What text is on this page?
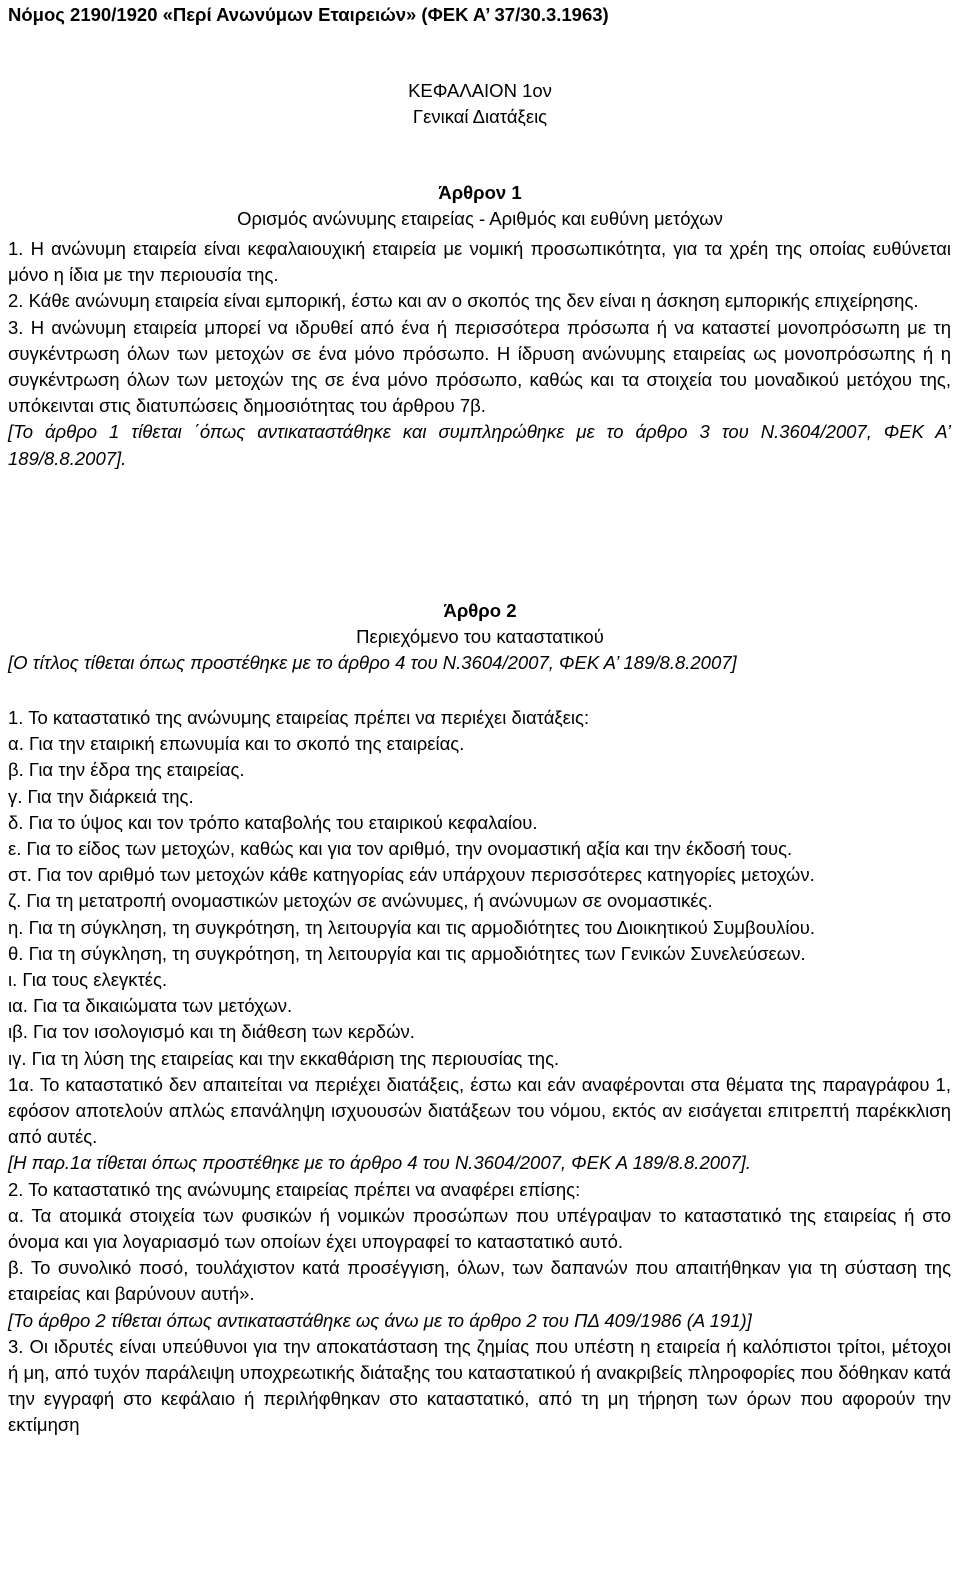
Νόμος 2190/1920 «Περί Ανωνύμων Εταιρειών» (ΦΕΚ Α’ 37/30.3.1963)
ΚΕΦΑΛΑΙΟΝ 1ον
Γενικαί Διατάξεις
Άρθρον 1
Ορισμός ανώνυμης εταιρείας - Αριθμός και ευθύνη μετόχων

1. Η ανώνυμη εταιρεία είναι κεφαλαιουχική εταιρεία με νομική προσωπικότητα, για τα χρέη της οποίας ευθύνεται μόνο η ίδια με την περιουσία της.

2. Κάθε ανώνυμη εταιρεία είναι εμπορική, έστω και αν ο σκοπός της δεν είναι η άσκηση εμπορικής επιχείρησης.

3. Η ανώνυμη εταιρεία μπορεί να ιδρυθεί από ένα ή περισσότερα πρόσωπα ή να καταστεί μονοπρόσωπη με τη συγκέντρωση όλων των μετοχών σε ένα μόνο πρόσωπο. Η ίδρυση ανώνυμης εταιρείας ως μονοπρόσωπης ή η συγκέντρωση όλων των μετοχών της σε ένα μόνο πρόσωπο, καθώς και τα στοιχεία του μοναδικού μετόχου της, υπόκεινται στις διατυπώσεις δημοσιότητας του άρθρου 7β.

[Το άρθρο 1 τίθεται ΄όπως αντικαταστάθηκε και συμπληρώθηκε με το άρθρο 3 του Ν.3604/2007, ΦΕΚ Α’ 189/8.8.2007].

Άρθρο 2
Περιεχόμενο του καταστατικού

[Ο τίτλος τίθεται όπως προστέθηκε με το άρθρο 4 του Ν.3604/2007, ΦΕΚ Α’ 189/8.8.2007]

1. Το καταστατικό της ανώνυμης εταιρείας πρέπει να περιέχει διατάξεις:

α. Για την εταιρική επωνυμία και το σκοπό της εταιρείας.

β. Για την έδρα της εταιρείας.

γ. Για την διάρκειά της.

δ. Για το ύψος και τον τρόπο καταβολής του εταιρικού κεφαλαίου.

ε. Για το είδος των μετοχών, καθώς και για τον αριθμό, την ονομαστική αξία και την έκδοσή τους.

στ. Για τον αριθμό των μετοχών κάθε κατηγορίας εάν υπάρχουν περισσότερες κατηγορίες μετοχών.

ζ. Για τη μετατροπή ονομαστικών μετοχών σε ανώνυμες, ή ανώνυμων σε ονομαστικές.

η. Για τη σύγκληση, τη συγκρότηση, τη λειτουργία και τις αρμοδιότητες του Διοικητικού Συμβουλίου.

θ. Για τη σύγκληση, τη συγκρότηση, τη λειτουργία και τις αρμοδιότητες των Γενικών Συνελεύσεων.

ι. Για τους ελεγκτές.

ια. Για τα δικαιώματα των μετόχων.

ιβ. Για τον ισολογισμό και τη διάθεση των κερδών.

ιγ. Για τη λύση της εταιρείας και την εκκαθάριση της περιουσίας της.

1α. Το καταστατικό δεν απαιτείται να περιέχει διατάξεις, έστω και εάν αναφέρονται στα θέματα της παραγράφου 1, εφόσον αποτελούν απλώς επανάληψη ισχυουσών διατάξεων του νόμου, εκτός αν εισάγεται επιτρεπτή παρέκκλιση από αυτές.

[Η παρ.1α τίθεται όπως προστέθηκε με το άρθρο 4 του Ν.3604/2007, ΦΕΚ Α 189/8.8.2007].

2. Το καταστατικό της ανώνυμης εταιρείας πρέπει να αναφέρει επίσης:

α. Τα ατομικά στοιχεία των φυσικών ή νομικών προσώπων που υπέγραψαν το καταστατικό της εταιρείας ή στο όνομα και για λογαριασμό των οποίων έχει υπογραφεί το καταστατικό αυτό.

β. Το συνολικό ποσό, τουλάχιστον κατά προσέγγιση, όλων, των δαπανών που απαιτήθηκαν για τη σύσταση της εταιρείας και βαρύνουν αυτή».

[Το άρθρο 2 τίθεται όπως αντικαταστάθηκε ως άνω με το άρθρο 2 του ΠΔ 409/1986 (Α 191)]

3. Οι ιδρυτές είναι υπεύθυνοι για την αποκατάσταση της ζημίας που υπέστη η εταιρεία ή καλόπιστοι τρίτοι, μέτοχοι ή μη, από τυχόν παράλειψη υποχρεωτικής διάταξης του καταστατικού ή ανακριβείς πληροφορίες που δόθηκαν κατά την εγγραφή στο κεφάλαιο ή περιλήφθηκαν στο καταστατικό, από τη μη τήρηση των όρων που αφορούν την εκτίμηση
